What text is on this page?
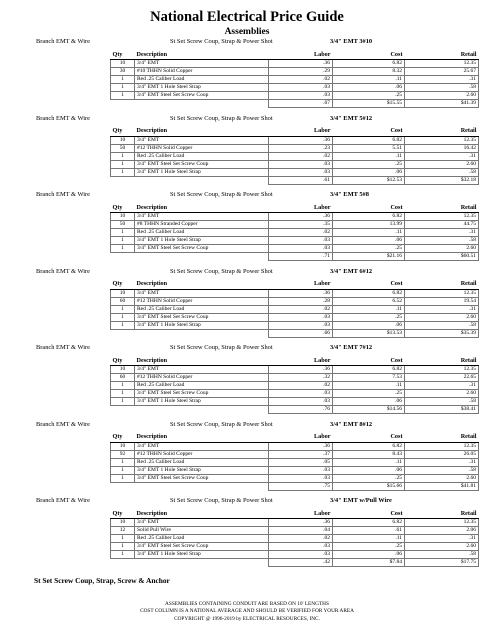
National Electrical Price Guide
Assemblies
Branch EMT & Wire	St Set Screw Coup, Strap & Power Shot	3/4" EMT 3#10
Qty	Description	Labor	Cost	Retail
10	3/4" EMT	.36	6.82	12.35
30	#10 THHN Solid Copper	.29	8.32	25.67
1	Red .25 Caliber Load	.02	.11	.31
1	3/4" EMT 1 Hole Steel Strap	.03	.06	.58
1	3/4" EMT Steel Set Screw Coup	.03	.25	2.60
		.67	$15.55	$41.39
Branch EMT & Wire	St Set Screw Coup, Strap & Power Shot	3/4" EMT 5#12
Qty	Description	Labor	Cost	Retail
10	3/4" EMT	.36	6.82	12.35
50	#12 THHN Solid Copper	.23	5.51	16.42
1	Red .25 Caliber Load	.02	.11	.31
1	3/4" EMT Steel Set Screw Coup	.03	.25	2.60
1	3/4" EMT 1 Hole Steel Strap	.03	.06	.58
		.61	$12.53	$32.18
Branch EMT & Wire	St Set Screw Coup, Strap & Power Shot	3/4" EMT 5#8
Qty	Description	Labor	Cost	Retail
10	3/4" EMT	.36	6.82	12.35
50	#8 THHN Stranded Copper	.35	13.99	44.75
1	Red .25 Caliber Load	.02	.11	.31
1	3/4" EMT 1 Hole Steel Strap	.03	.06	.58
1	3/4" EMT Steel Set Screw Coup	.03	.25	2.60
		.71	$21.16	$60.51
Branch EMT & Wire	St Set Screw Coup, Strap & Power Shot	3/4" EMT 6#12
Qty	Description	Labor	Cost	Retail
10	3/4" EMT	.36	6.82	12.35
60	#12 THHN Solid Copper	.28	6.52	19.54
1	Red .25 Caliber Load	.02	.11	.31
1	3/4" EMT Steel Set Screw Coup	.03	.25	2.60
1	3/4" EMT 1 Hole Steel Strap	.03	.06	.58
		.66	$13.53	$35.39
Branch EMT & Wire	St Set Screw Coup, Strap & Power Shot	3/4" EMT 7#12
Qty	Description	Labor	Cost	Retail
10	3/4" EMT	.36	6.82	12.35
60	#12 THHN Solid Copper	.32	7.53	22.65
1	Red .25 Caliber Load	.02	.11	.31
1	3/4" EMT Steel Set Screw Coup	.03	.25	2.60
1	3/4" EMT 1 Hole Steel Strap	.03	.06	.58
		.76	$14.56	$38.41
Branch EMT & Wire	St Set Screw Coup, Strap & Power Shot	3/4" EMT 8#12
Qty	Description	Labor	Cost	Retail
10	3/4" EMT	.36	6.82	12.35
92	#12 THHN Solid Copper	.37	8.43	26.05
1	Red .25 Caliber Load	.05	.11	.31
1	3/4" EMT 1 Hole Steel Strap	.03	.06	.58
1	3/4" EMT Steel Set Screw Coup	.03	.25	2.60
		.75	$15.66	$41.81
Branch EMT & Wire	St Set Screw Coup, Strap & Power Shot	3/4" EMT w/Pull Wire
Qty	Description	Labor	Cost	Retail
10	3/4" EMT	.36	6.82	12.35
12	Solid Pull Wire	.04	.61	2.06
1	Red .25 Caliber Load	.02	.11	.31
1	3/4" EMT Steel Set Screw Coup	.03	.25	2.60
1	3/4" EMT 1 Hole Steel Strap	.03	.06	.58
		.42	$7.84	$17.75
St Set Screw Coup, Strap, Screw & Anchor
ASSEMBLIES CONTAINING CONDUIT ARE BASED ON 10' LENGTHS
COST COLUMN IS A NATIONAL AVERAGE AND SHOULD BE VERIFIED FOR YOUR AREA
COPYRIGHT @ 1996-2019 by ELECTRICAL RESOURCES, INC.
